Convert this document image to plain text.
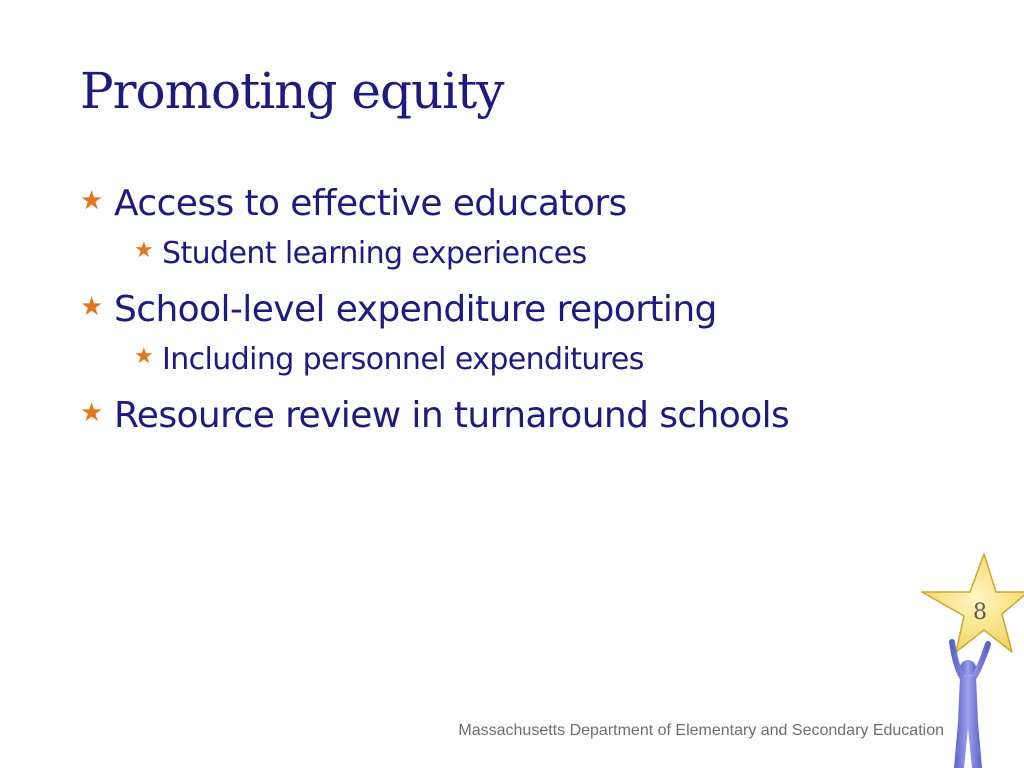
Promoting equity
★ Access to effective educators
★ Student learning experiences
★ School-level expenditure reporting
★ Including personnel expenditures
★ Resource review in turnaround schools
8
Massachusetts Department of Elementary and Secondary Education
